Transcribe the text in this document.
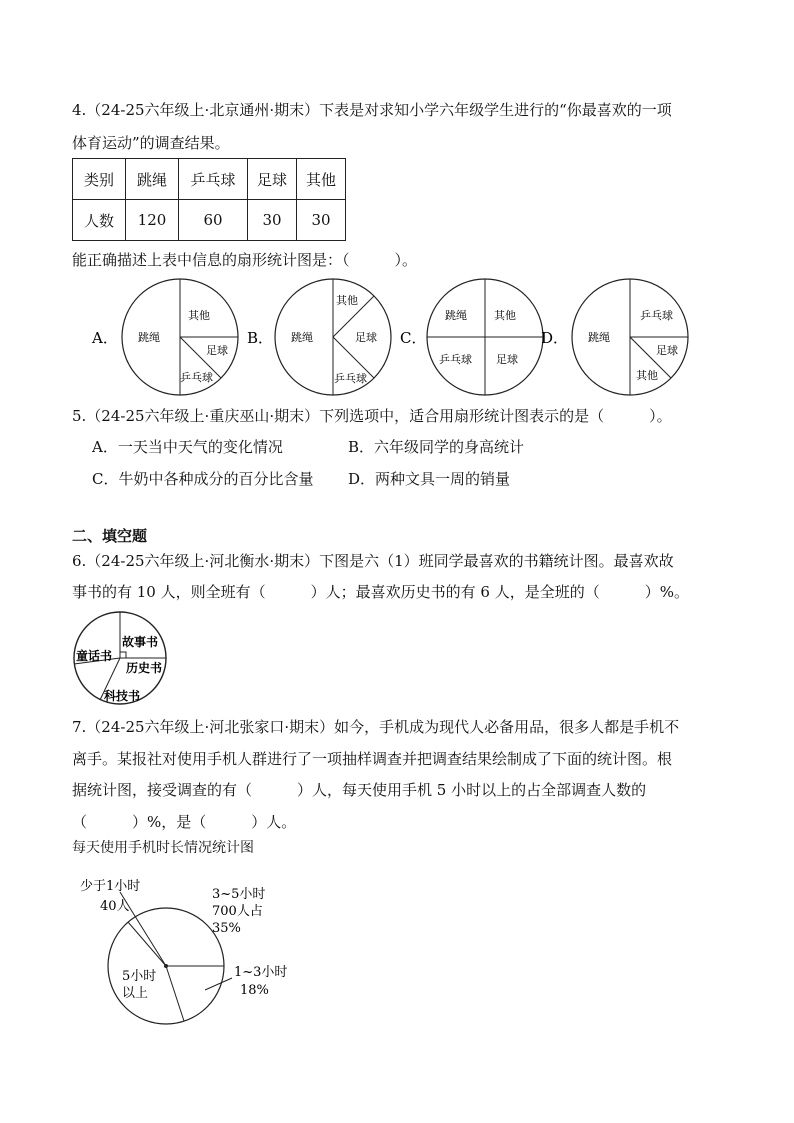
4.（24-25六年级上·北京通州·期末）下表是对求知小学六年级学生进行的“你最喜欢的一项
体育运动”的调查结果。
类别	跳绳	乒乓球	足球	其他
人数	120	60	30	30
能正确描述上表中信息的扇形统计图是：（　　　）。
A． 跳绳
其他
足球
乒乓球
B． 跳绳
其他
足球
乒乓球
C．
跳绳 其他
乒乓球 足球
D． 跳绳
乒乓球
足球
其他
5.（24-25六年级上·重庆巫山·期末）下列选项中，适合用扇形统计图表示的是（　　　）。
A．一天当中天气的变化情况	B．六年级同学的身高统计
C．牛奶中各种成分的百分比含量 D．两种文具一周的销量
二、填空题
6.（24-25六年级上·河北衡水·期末）下图是六（1）班同学最喜欢的书籍统计图。最喜欢故
事书的有 10 人，则全班有（　　　）人；最喜欢历史书的有 6 人，是全班的（　　　）%。
故事书
历史书
科技书
童话书
7.（24-25六年级上·河北张家口·期末）如今，手机成为现代人必备用品，很多人都是手机不
离手。某报社对使用手机人群进行了一项抽样调查并把调查结果绘制成了下面的统计图。根
据统计图，接受调查的有（　　　）人，每天使用手机 5 小时以上的占全部调查人数的
（　　　）%，是（　　　）人。
每天使用手机时长情况统计图
少于1小时
40人
3~5小时
700人占
35%
1~3小时
18%
5小时
以上
